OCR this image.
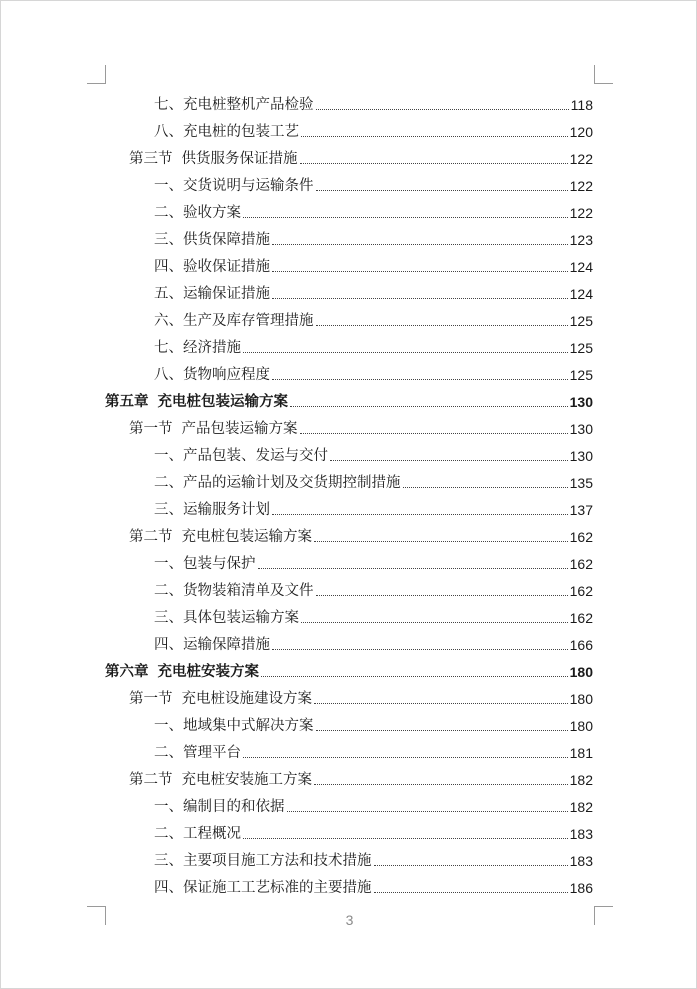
七、 充电桩整机产品检验	118
八、 充电桩的包装工艺	120
第三节 供货服务保证措施	122
一、 交货说明与运输条件	122
二、 验收方案	122
三、 供货保障措施	123
四、 验收保证措施	124
五、 运输保证措施	124
六、 生产及库存管理措施	125
七、 经济措施	125
八、 货物响应程度	125
第五章 充电桩包装运输方案	130
第一节 产品包装运输方案	130
一、 产品包装、发运与交付	130
二、 产品的运输计划及交货期控制措施	135
三、 运输服务计划	137
第二节 充电桩包装运输方案	162
一、 包装与保护	162
二、 货物装箱清单及文件	162
三、 具体包装运输方案	162
四、 运输保障措施	166
第六章 充电桩安装方案	180
第一节 充电桩设施建设方案	180
一、 地域集中式解决方案	180
二、 管理平台	181
第二节 充电桩安装施工方案	182
一、 编制目的和依据	182
二、 工程概况	183
三、 主要项目施工方法和技术措施	183
四、 保证施工工艺标准的主要措施	186
3
